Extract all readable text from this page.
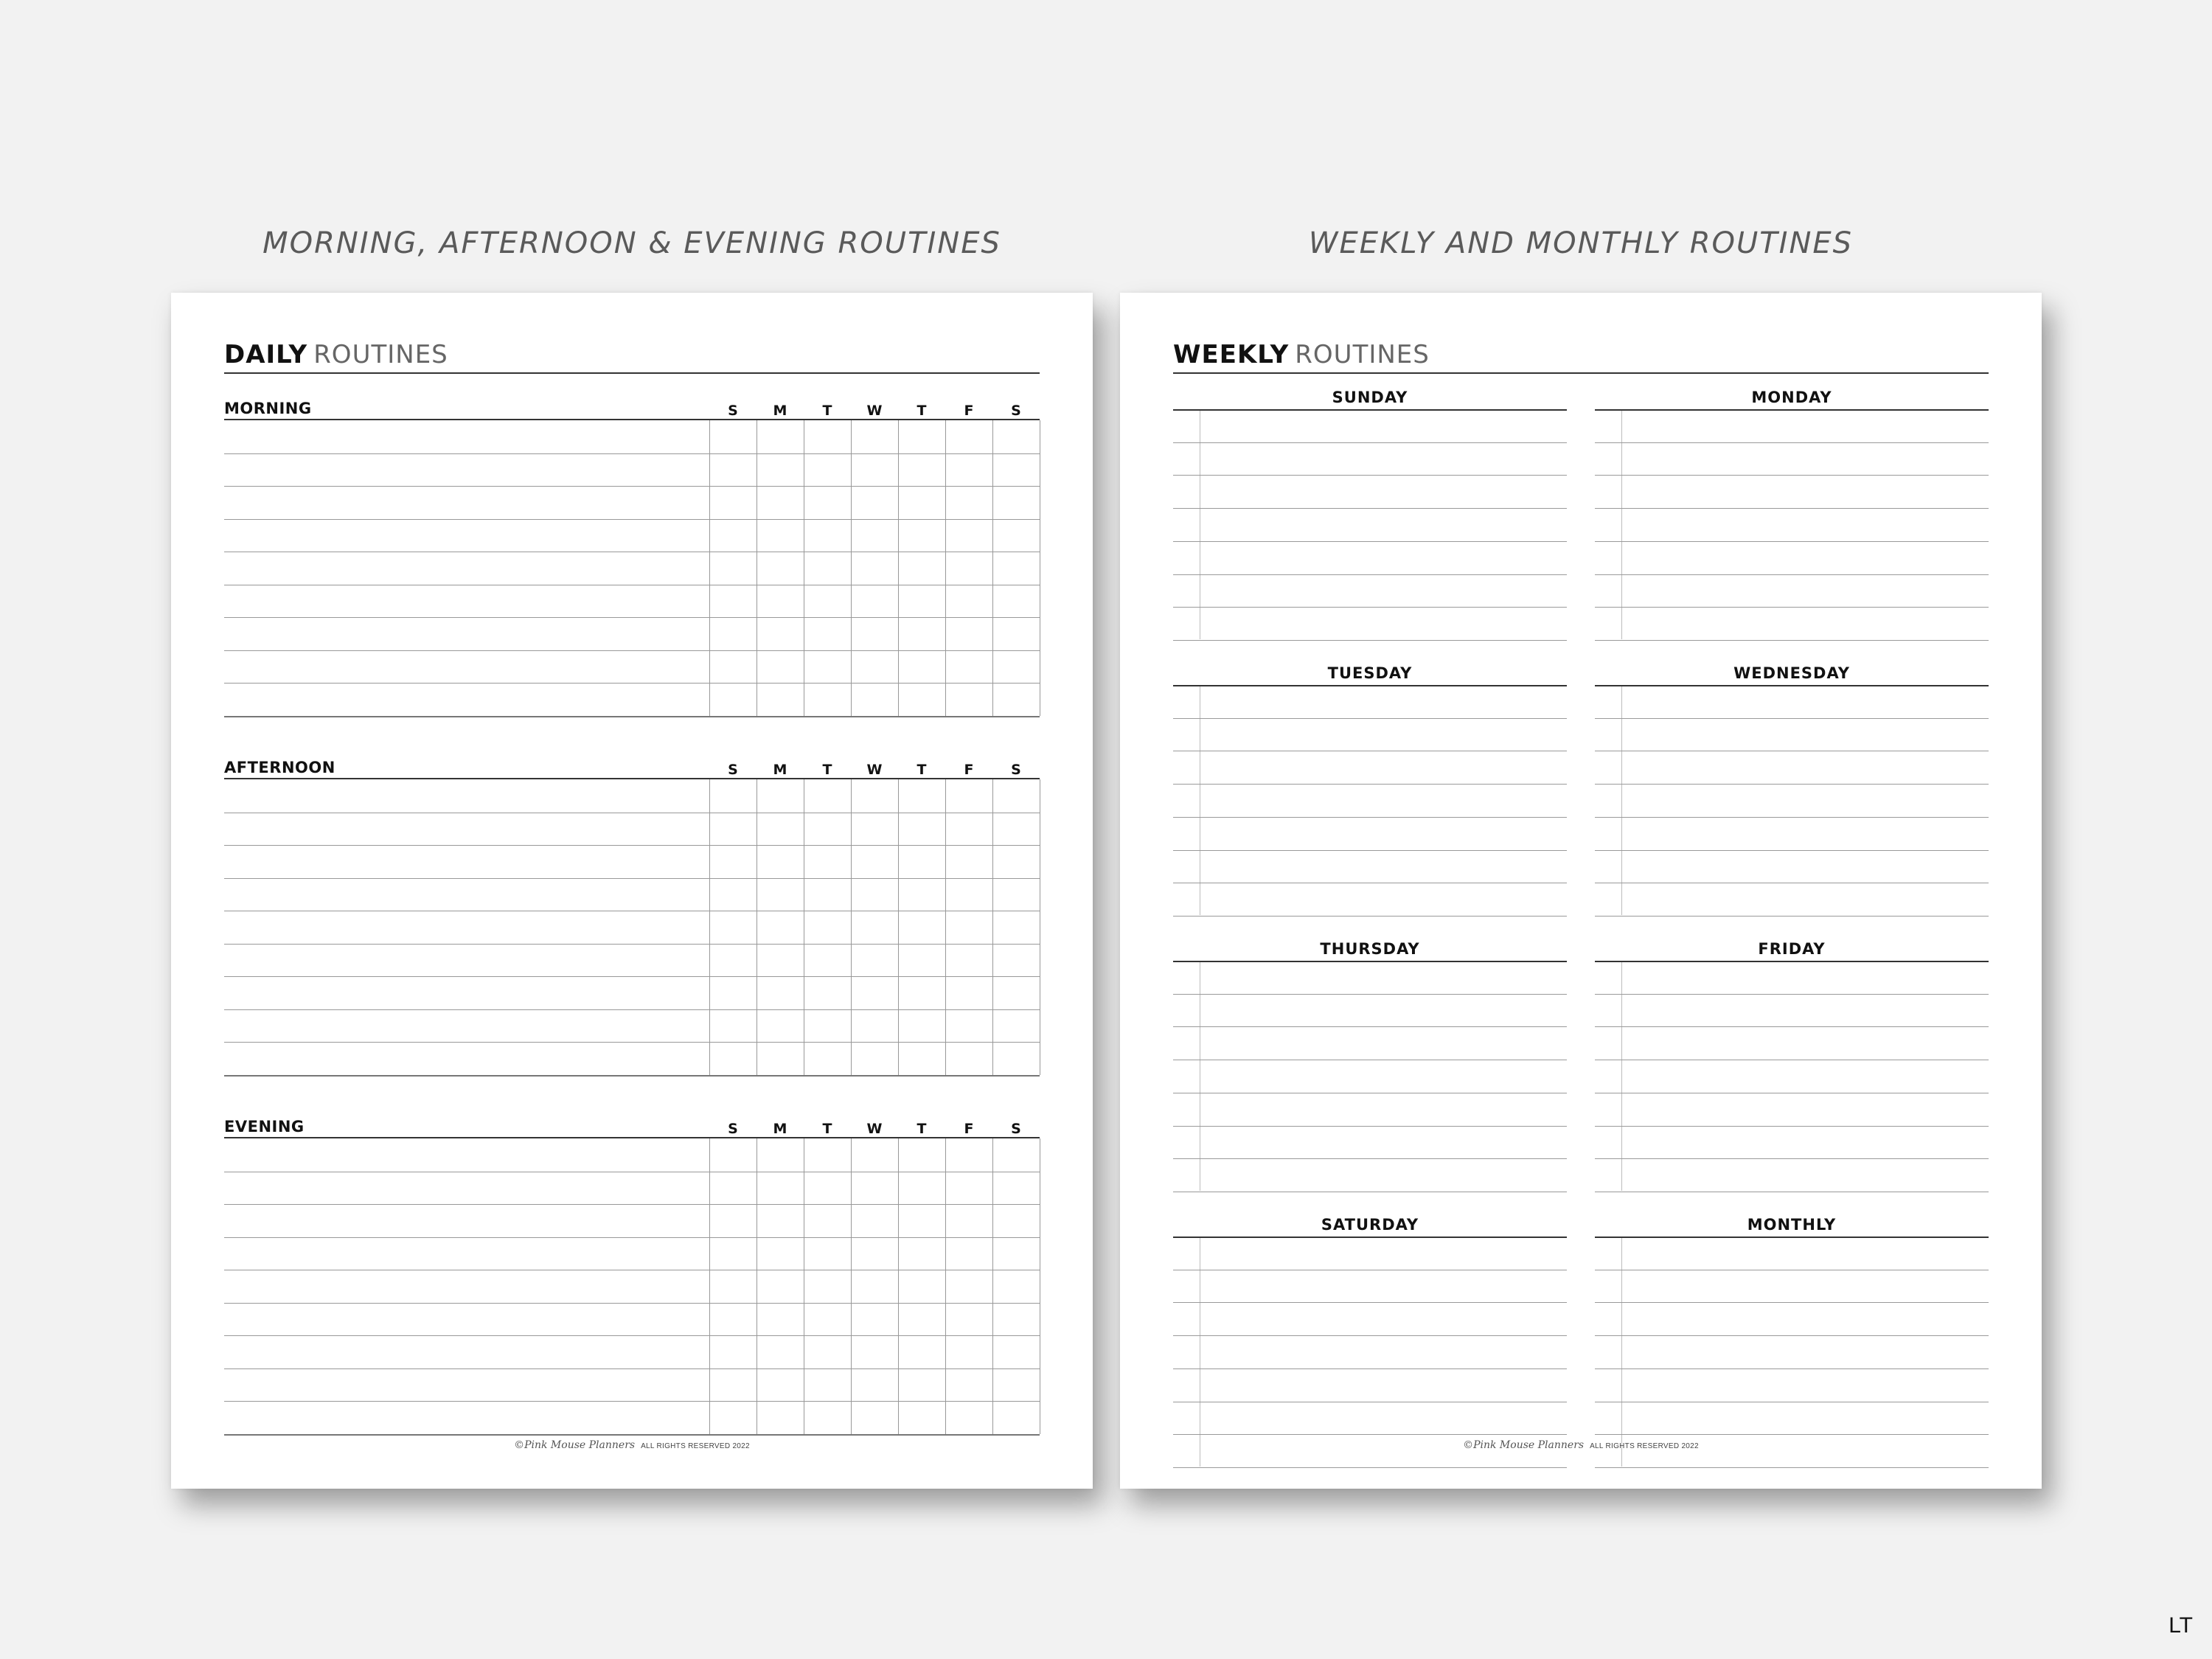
MORNING, AFTERNOON & EVENING ROUTINES	WEEKLY AND MONTHLY ROUTINES
DAILY ROUTINES
MORNING	S	M	T	W	T	F	S
AFTERNOON	S	M	T	W	T	F	S
EVENING	S	M	T	W	T	F	S
©Pink Mouse Planners ALL RIGHTS RESERVED 2022
WEEKLY ROUTINES
SUNDAY	MONDAY
TUESDAY	WEDNESDAY
THURSDAY	FRIDAY
SATURDAY	MONTHLY
©Pink Mouse Planners ALL RIGHTS RESERVED 2022
LT
